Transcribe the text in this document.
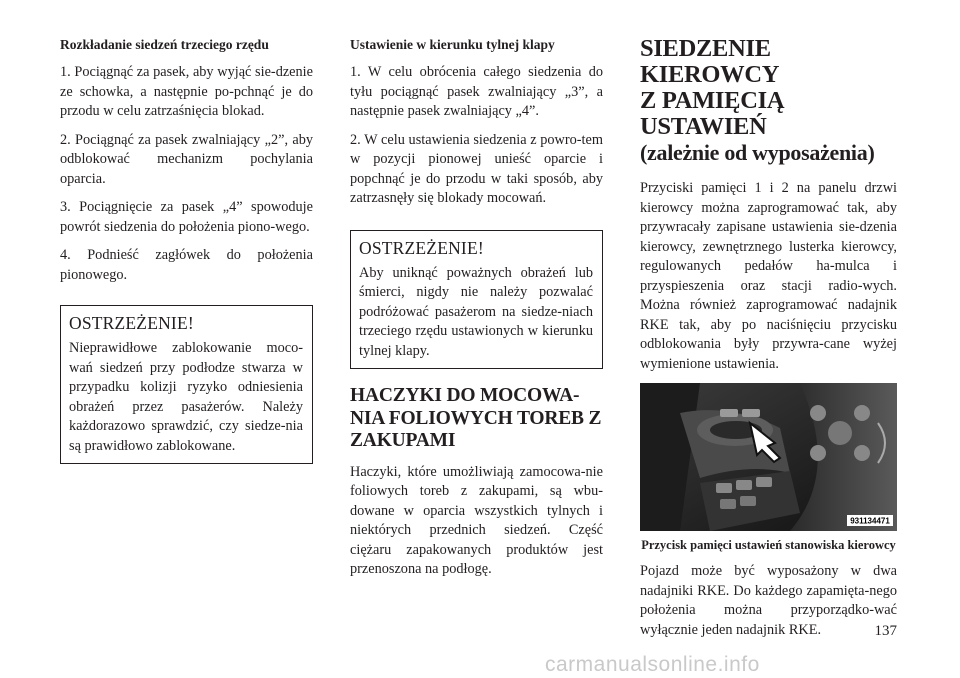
Rozkładanie siedzeń trzeciego rzędu

1. Pociągnąć za pasek, aby wyjąć sie-dzenie ze schowka, a następnie po-pchnąć je do przodu w celu zatrzaśnięcia blokad.

2. Pociągnąć za pasek zwalniający „2”, aby odblokować mechanizm pochylania oparcia.

3. Pociągnięcie za pasek „4” spowoduje powrót siedzenia do położenia piono-wego.

4. Podnieść zagłówek do położenia pionowego.

OSTRZEŻENIE!

Nieprawidłowe zablokowanie moco-wań siedzeń przy podłodze stwarza w przypadku kolizji ryzyko odniesienia obrażeń przez pasażerów. Należy każdorazowo sprawdzić, czy siedze-nia są prawidłowo zablokowane.

Ustawienie w kierunku tylnej klapy

1. W celu obrócenia całego siedzenia do tyłu pociągnąć pasek zwalniający „3”, a następnie pasek zwalniający „4”.

2. W celu ustawienia siedzenia z powro-tem w pozycji pionowej unieść oparcie i popchnąć je do przodu w taki sposób, aby zatrzasnęły się blokady mocowań.

OSTRZEŻENIE!

Aby uniknąć poważnych obrażeń lub śmierci, nigdy nie należy pozwalać podróżować pasażerom na siedze-niach trzeciego rzędu ustawionych w kierunku tylnej klapy.

HACZYKI DO MOCOWA-NIA FOLIOWYCH TOREB Z ZAKUPAMI

Haczyki, które umożliwiają zamocowa-nie foliowych toreb z zakupami, są wbu-dowane w oparcia wszystkich tylnych i niektórych przednich siedzeń. Część ciężaru zapakowanych produktów jest przenoszona na podłogę.

SIEDZENIE KIEROWCY
Z PAMIĘCIĄ USTAWIEŃ
(zależnie od wyposażenia)

Przyciski pamięci 1 i 2 na panelu drzwi kierowcy można zaprogramować tak, aby przywracały zapisane ustawienia sie-dzenia kierowcy, zewnętrznego lusterka kierowcy, regulowanych pedałów ha-mulca i przyspieszenia oraz stacji radio-wych. Można również zaprogramować nadajnik RKE tak, aby po naciśnięciu przycisku odblokowania były przywra-cane wyżej wymienione ustawienia.

931134471
Przycisk pamięci ustawień stanowiska kierowcy

Pojazd może być wyposażony w dwa nadajniki RKE. Do każdego zapamięta-nego położenia można przyporządko-wać wyłącznie jeden nadajnik RKE.	137
carmanualsonline.info
